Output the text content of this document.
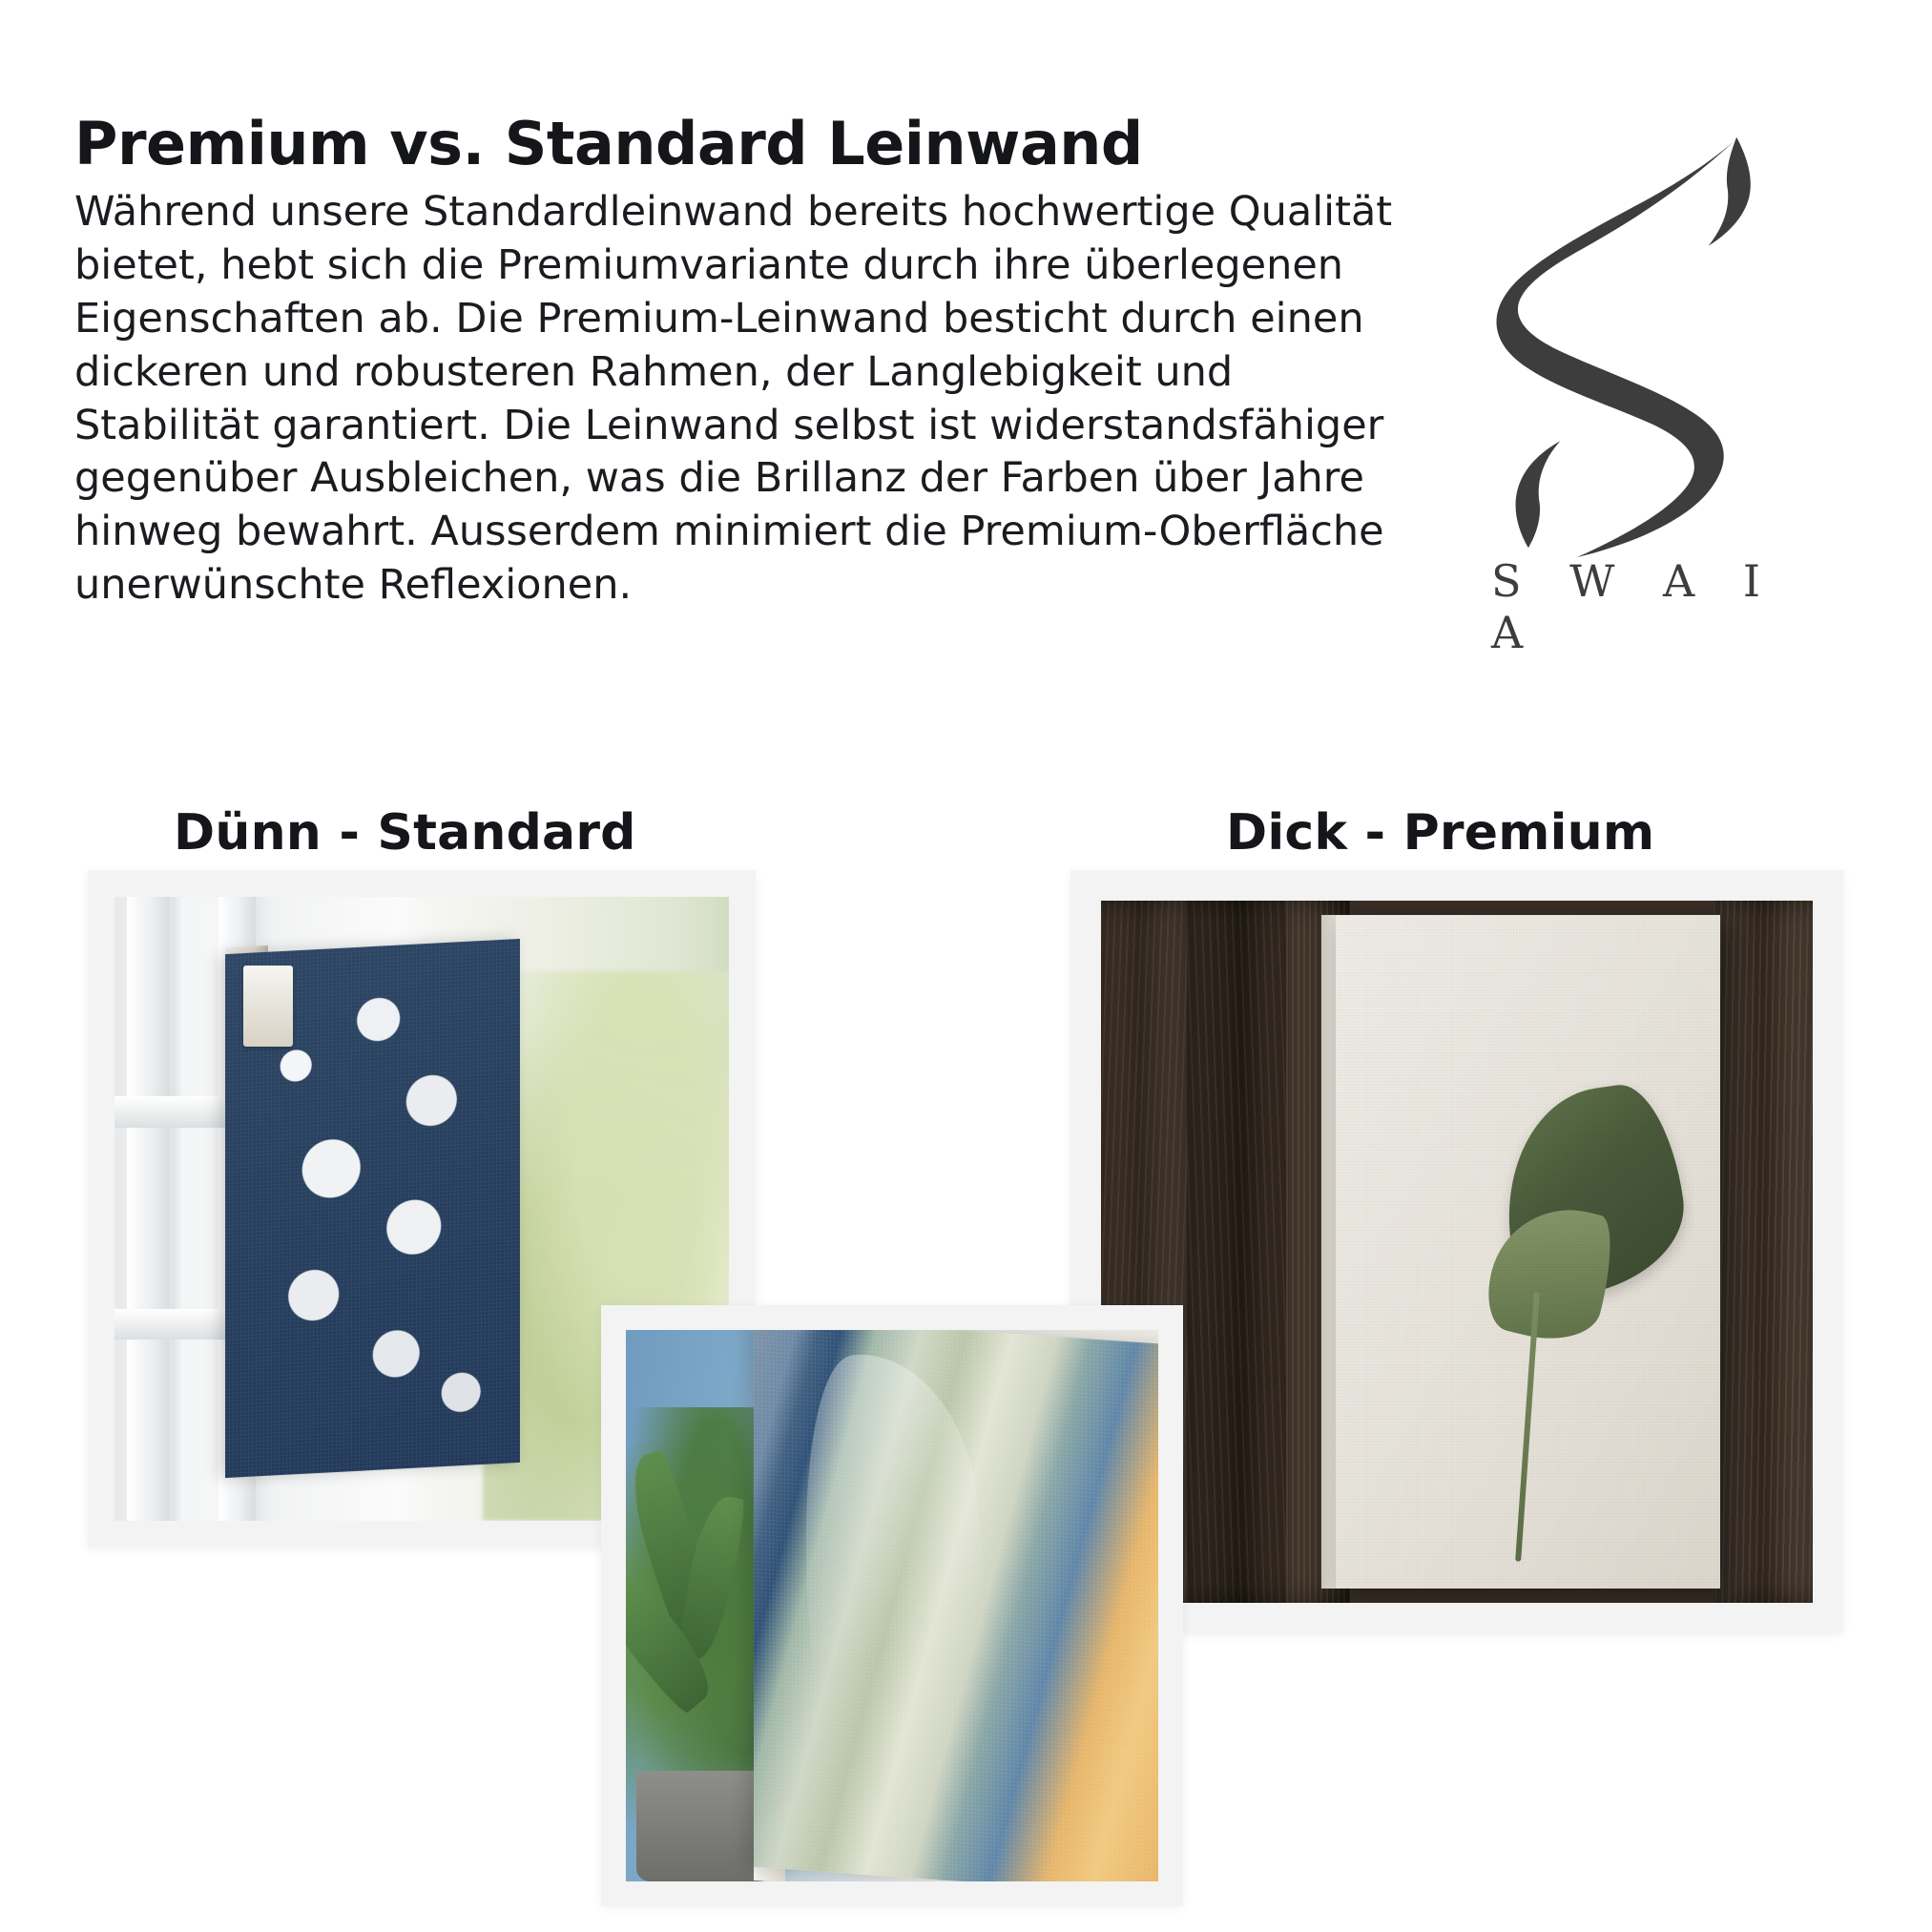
Premium vs. Standard Leinwand

Während unsere Standardleinwand bereits hochwertige Qualität bietet, hebt sich die Premiumvariante durch ihre überlegenen Eigenschaften ab. Die Premium-Leinwand besticht durch einen dickeren und robusteren Rahmen, der Langlebigkeit und Stabilität garantiert. Die Leinwand selbst ist widerstandsfähiger gegenüber Ausbleichen, was die Brillanz der Farben über Jahre hinweg bewahrt. Ausserdem minimiert die Premium-Oberfläche unerwünschte Reflexionen.	S W A I A
Dünn - Standard	Dick - Premium
